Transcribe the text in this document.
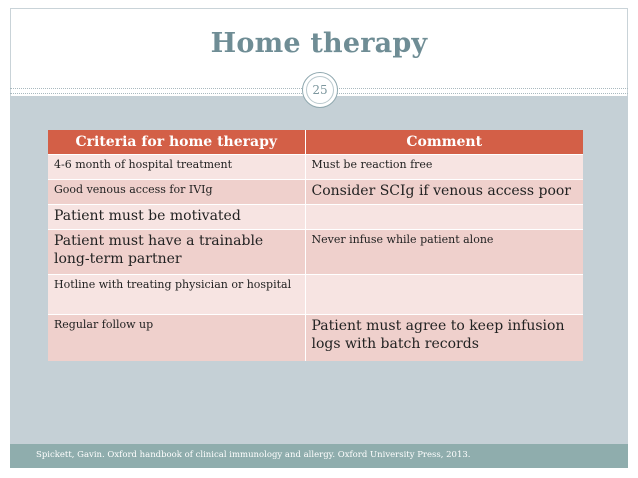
Home therapy
25
Criteria for home therapy	Comment
4-6 month of hospital treatment	Must be reaction free
Good venous access for IVIg	Consider SCIg if venous access poor
Patient must be motivated	
Patient must have a trainable long-term partner	Never infuse while patient alone
Hotline with treating physician or hospital	
Regular follow up	Patient must agree to keep infusion logs with batch records
Spickett, Gavin. Oxford handbook of clinical immunology and allergy. Oxford University Press, 2013.
